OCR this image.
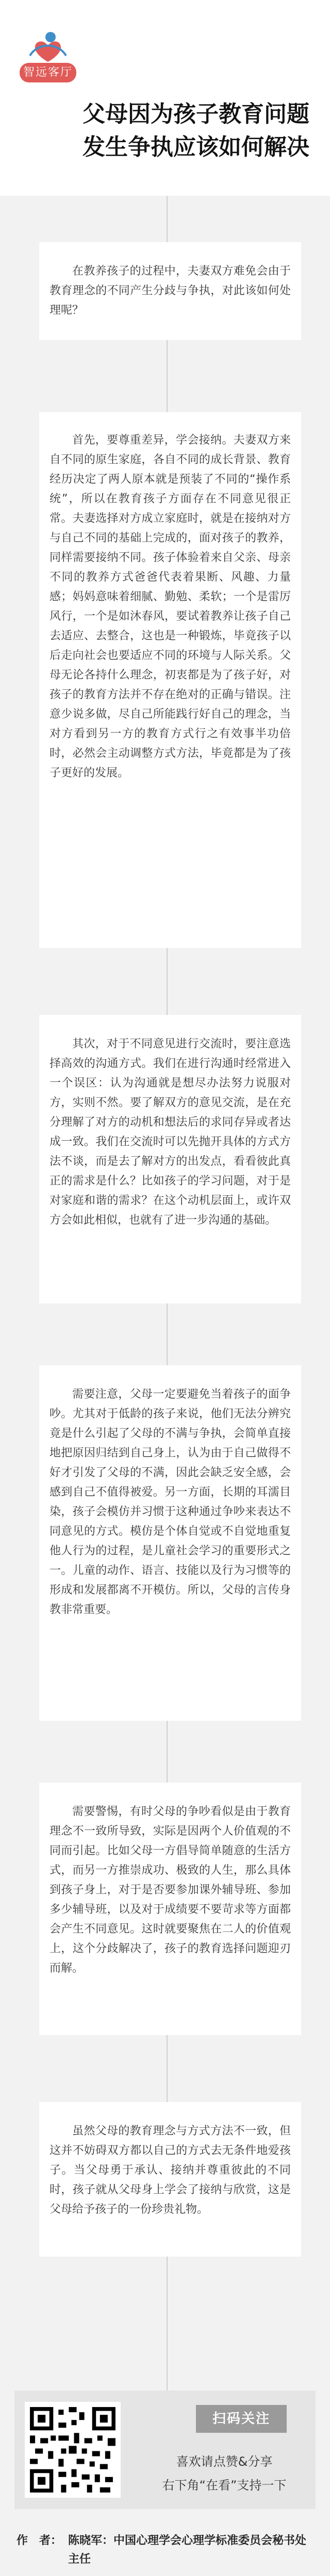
智远客厅
父母因为孩子教育问题
发生争执应该如何解决

在教养孩子的过程中，夫妻双方难免会由于教育理念的不同产生分歧与争执，对此该如何处理呢？

首先，要尊重差异，学会接纳。夫妻双方来自不同的原生家庭，各自不同的成长背景、教育经历决定了两人原本就是预装了不同的“操作系统”，所以在教育孩子方面存在不同意见很正常。夫妻选择对方成立家庭时，就是在接纳对方与自己不同的基础上完成的，面对孩子的教养，同样需要接纳不同。孩子体验着来自父亲、母亲不同的教养方式爸爸代表着果断、风趣、力量感；妈妈意味着细腻、勤勉、柔软；一个是雷厉风行，一个是如沐春风，要试着教养让孩子自己去适应、去整合，这也是一种锻炼，毕竟孩子以后走向社会也要适应不同的环境与人际关系。父母无论各持什么理念，初衷都是为了孩子好，对孩子的教育方法并不存在绝对的正确与错误。注意少说多做，尽自己所能践行好自己的理念，当对方看到另一方的教育方式行之有效事半功倍时，必然会主动调整方式方法，毕竟都是为了孩子更好的发展。

其次，对于不同意见进行交流时，要注意选择高效的沟通方式。我们在进行沟通时经常进入一个误区：认为沟通就是想尽办法努力说服对方，实则不然。要了解双方的意见交流，是在充分理解了对方的动机和想法后的求同存异或者达成一致。我们在交流时可以先抛开具体的方式方法不谈，而是去了解对方的出发点，看看彼此真正的需求是什么？比如孩子的学习问题，对于是对家庭和谐的需求？在这个动机层面上，或许双方会如此相似，也就有了进一步沟通的基础。

需要注意，父母一定要避免当着孩子的面争吵。尤其对于低龄的孩子来说，他们无法分辨究竟是什么引起了父母的不满与争执，会简单直接地把原因归结到自己身上，认为由于自己做得不好才引发了父母的不满，因此会缺乏安全感，会感到自己不值得被爱。另一方面，长期的耳濡目染，孩子会模仿并习惯于这种通过争吵来表达不同意见的方式。模仿是个体自觉或不自觉地重复他人行为的过程，是儿童社会学习的重要形式之一。儿童的动作、语言、技能以及行为习惯等的形成和发展都离不开模仿。所以，父母的言传身教非常重要。

需要警惕，有时父母的争吵看似是由于教育理念不一致所导致，实际是因两个人价值观的不同而引起。比如父母一方倡导简单随意的生活方式，而另一方推崇成功、极致的人生，那么具体到孩子身上，对于是否要参加课外辅导班、参加多少辅导班，以及对于成绩要不要苛求等方面都会产生不同意见。这时就要聚焦在二人的价值观上，这个分歧解决了，孩子的教育选择问题迎刃而解。

虽然父母的教育理念与方式方法不一致，但这并不妨碍双方都以自己的方式去无条件地爱孩子。当父母勇于承认、接纳并尊重彼此的不同时，孩子就从父母身上学会了接纳与欣赏，这是父母给予孩子的一份珍贵礼物。

扫码关注
喜欢请点赞&分享
右下角“在看”支持一下
作　者： 陈晓军：中国心理学会心理学标准委员会秘书处主任
